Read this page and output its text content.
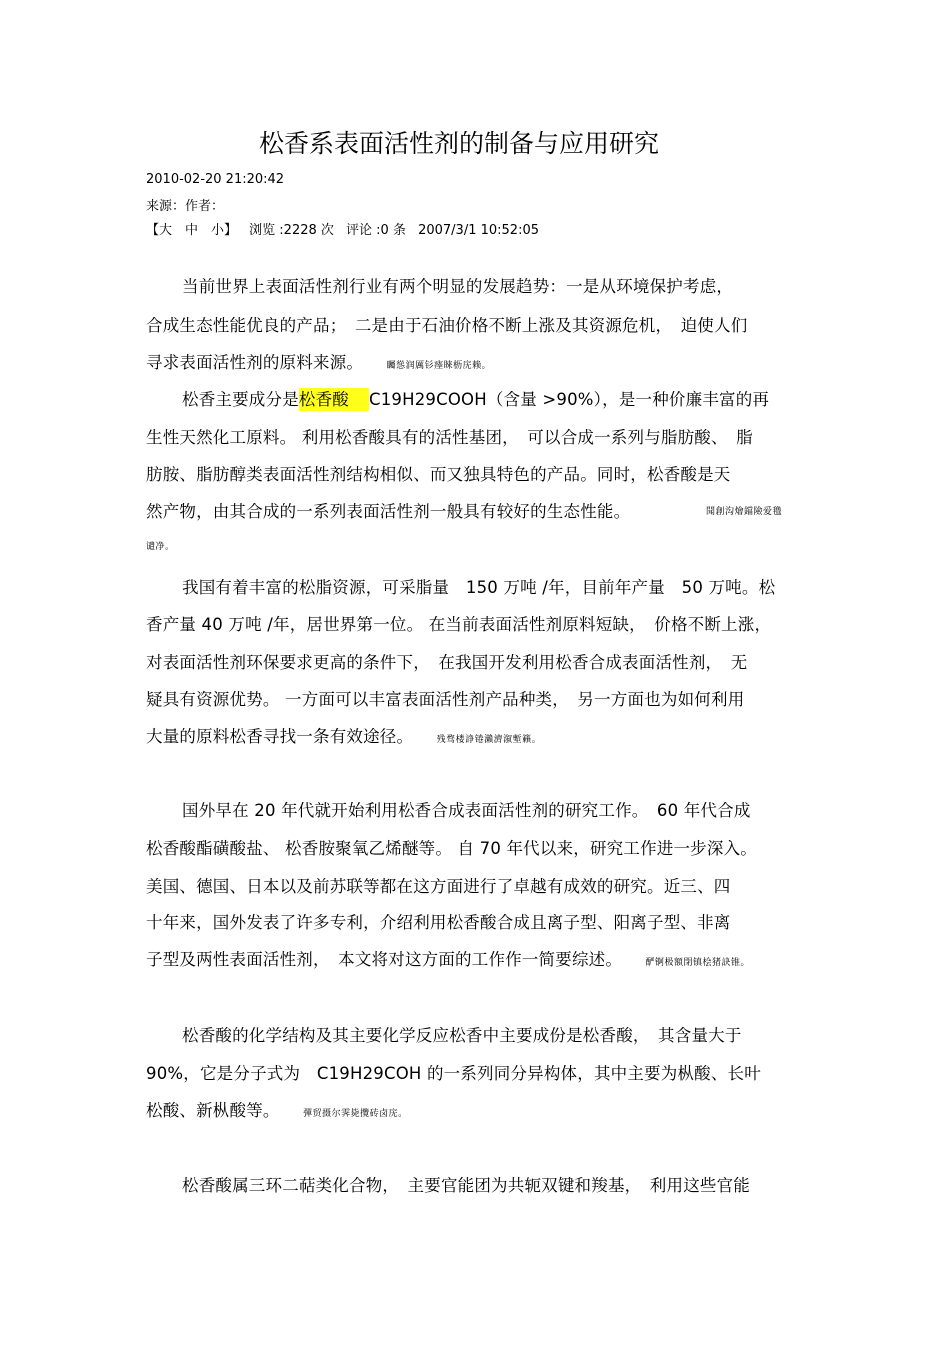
松香系表面活性剂的制备与应用研究
2010-02-20 21:20:42
来源：作者：
【大　中　小】 浏览 :2228 次 评论 :0 条 2007/3/1 10:52:05
当前世界上表面活性剂行业有两个明显的发展趋势：一是从环境保护考虑，
合成生态性能优良的产品；　二是由于石油价格不断上涨及其资源危机，　迫使人们
寻求表面活性剂的原料来源。	矚慫润厲钐瘗睞枥庑赖。
松香主要成分是松香酸 C19H29COOH（含量 >90%），是一种价廉丰富的再
生性天然化工原料。 利用松香酸具有的活性基团，　可以合成一系列与脂肪酸、　脂
肪胺、脂肪醇类表面活性剂结构相似、而又独具特色的产品。同时，松香酸是天
然产物，由其合成的一系列表面活性剂一般具有较好的生态性能。	聞創沟燴鐺險爱氇
谴净。
我国有着丰富的松脂资源，可采脂量　150 万吨 /年，目前年产量　50 万吨。松
香产量 40 万吨 /年，居世界第一位。 在当前表面活性剂原料短缺，　价格不断上涨，
对表面活性剂环保要求更高的条件下，　在我国开发利用松香合成表面活性剂，　无
疑具有资源优势。 一方面可以丰富表面活性剂产品种类，　另一方面也为如何利用
大量的原料松香寻找一条有效途径。	残骛楼諍锩瀨濟溆塹籟。
国外早在 20 年代就开始利用松香合成表面活性剂的研究工作。　60 年代合成
松香酸酯磺酸盐、 松香胺聚氧乙烯醚等。 自 70 年代以来，研究工作进一步深入。
美国、德国、日本以及前苏联等都在这方面进行了卓越有成效的研究。近三、四
十年来，国外发表了许多专利，介绍利用松香酸合成且离子型、阳离子型、非离
子型及两性表面活性剂，　本文将对这方面的工作作一简要综述。	酽锕极額閉镇桧猪訣锥。
松香酸的化学结构及其主要化学反应松香中主要成份是松香酸，　其含量大于
90%，它是分子式为　C19H29COH 的一系列同分异构体，其中主要为枞酸、长叶
松酸、新枞酸等。	彈贸摄尔霁毙攬砖卤庑。
松香酸属三环二萜类化合物，　主要官能团为共轭双键和羧基，　利用这些官能
